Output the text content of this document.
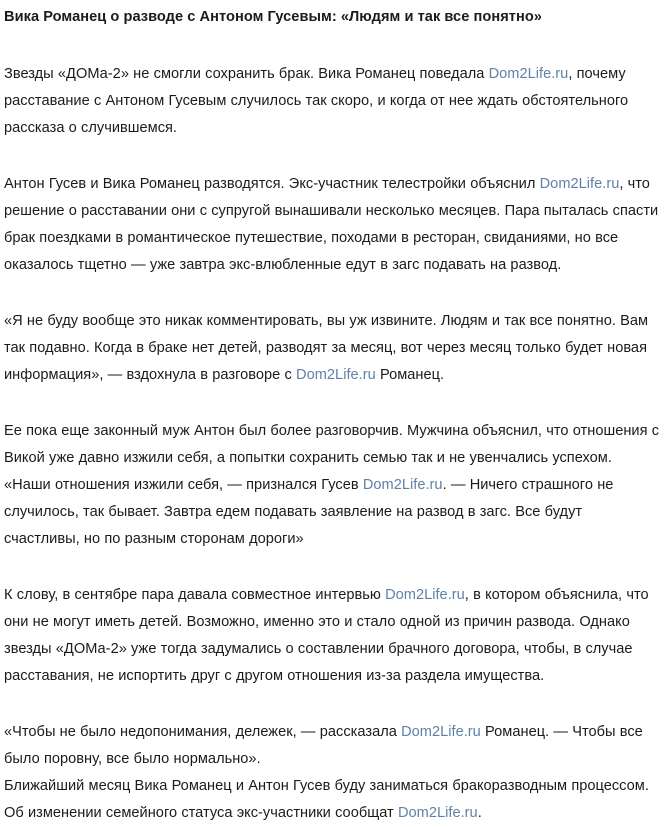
Вика Романец о разводе с Антоном Гусевым: «Людям и так все понятно»

Звезды «ДОМа-2» не смогли сохранить брак. Вика Романец поведала Dom2Life.ru, почему расставание с Антоном Гусевым случилось так скоро, и когда от нее ждать обстоятельного рассказа о случившемся.

Антон Гусев и Вика Романец разводятся. Экс-участник телестройки объяснил Dom2Life.ru, что решение о расставании они с супругой вынашивали несколько месяцев. Пара пыталась спасти брак поездками в романтическое путешествие, походами в ресторан, свиданиями, но все оказалось тщетно — уже завтра экс-влюбленные едут в загс подавать на развод.

«Я не буду вообще это никак комментировать, вы уж извините. Людям и так все понятно. Вам так подавно. Когда в браке нет детей, разводят за месяц, вот через месяц только будет новая информация», — вздохнула в разговоре с Dom2Life.ru Романец.

Ее пока еще законный муж Антон был более разговорчив. Мужчина объяснил, что отношения с Викой уже давно изжили себя, а попытки сохранить семью так и не увенчались успехом. «Наши отношения изжили себя, — признался Гусев Dom2Life.ru. — Ничего страшного не случилось, так бывает. Завтра едем подавать заявление на развод в загс. Все будут счастливы, но по разным сторонам дороги»

К слову, в сентябре пара давала совместное интервью Dom2Life.ru, в котором объяснила, что они не могут иметь детей. Возможно, именно это и стало одной из причин развода. Однако звезды «ДОМа-2» уже тогда задумались о составлении брачного договора, чтобы, в случае расставания, не испортить друг с другом отношения из-за раздела имущества.

«Чтобы не было недопонимания, дележек, — рассказала Dom2Life.ru Романец. — Чтобы все было поровну, все было нормально».

Ближайший месяц Вика Романец и Антон Гусев буду заниматься бракоразводным процессом. Об изменении семейного статуса экс-участники сообщат Dom2Life.ru.
